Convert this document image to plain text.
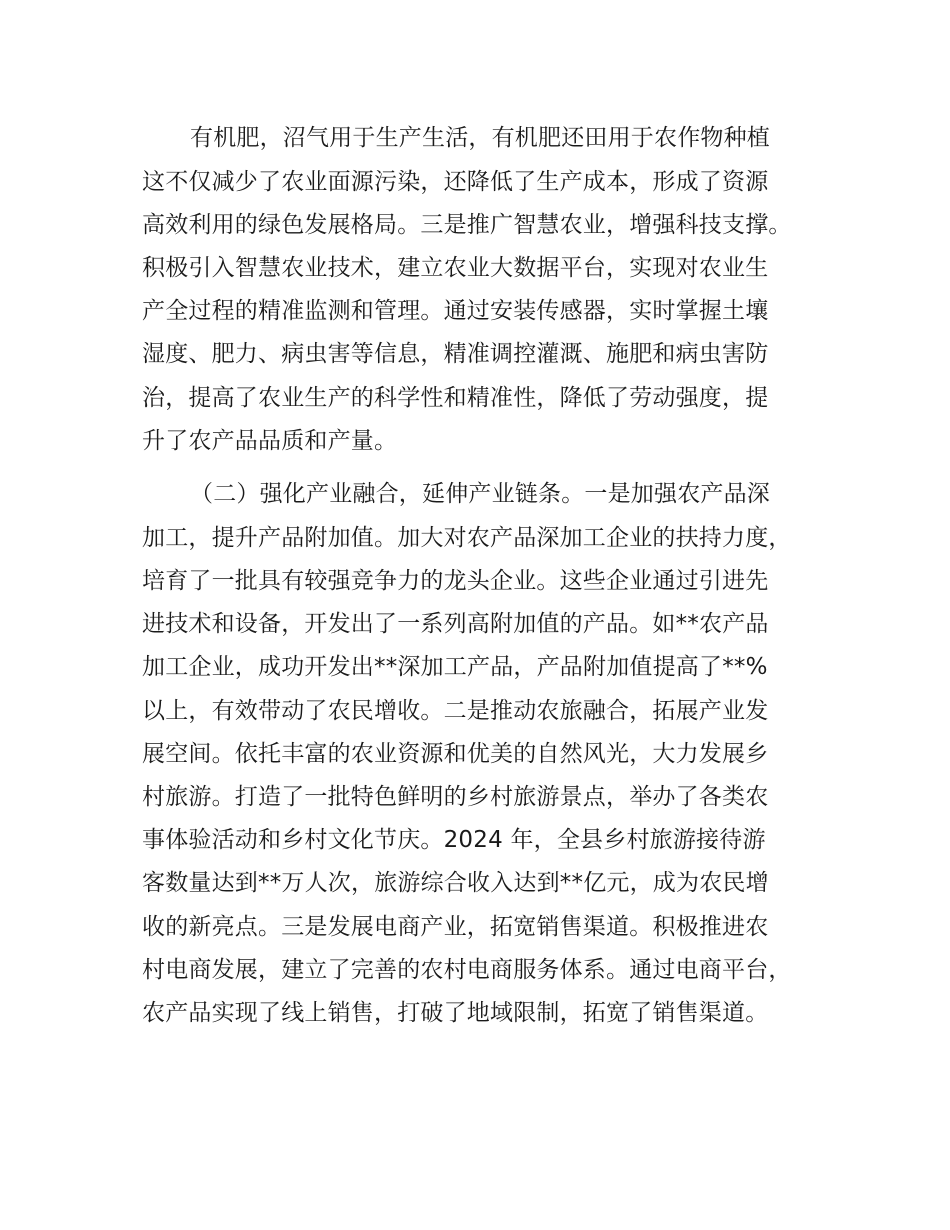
有机肥，沼气用于生产生活，有机肥还田用于农作物种植
这不仅减少了农业面源污染，还降低了生产成本，形成了资源
高效利用的绿色发展格局。三是推广智慧农业，增强科技支撑。
积极引入智慧农业技术，建立农业大数据平台，实现对农业生
产全过程的精准监测和管理。通过安装传感器，实时掌握土壤
湿度、肥力、病虫害等信息，精准调控灌溉、施肥和病虫害防
治，提高了农业生产的科学性和精准性，降低了劳动强度，提
升了农产品品质和产量。
（二）强化产业融合，延伸产业链条。一是加强农产品深
加工，提升产品附加值。加大对农产品深加工企业的扶持力度，
培育了一批具有较强竞争力的龙头企业。这些企业通过引进先
进技术和设备，开发出了一系列高附加值的产品。如**农产品
加工企业，成功开发出**深加工产品，产品附加值提高了**%
以上，有效带动了农民增收。二是推动农旅融合，拓展产业发
展空间。依托丰富的农业资源和优美的自然风光，大力发展乡
村旅游。打造了一批特色鲜明的乡村旅游景点，举办了各类农
事体验活动和乡村文化节庆。2024 年，全县乡村旅游接待游
客数量达到**万人次，旅游综合收入达到**亿元，成为农民增
收的新亮点。三是发展电商产业，拓宽销售渠道。积极推进农
村电商发展，建立了完善的农村电商服务体系。通过电商平台，
农产品实现了线上销售，打破了地域限制，拓宽了销售渠道。
